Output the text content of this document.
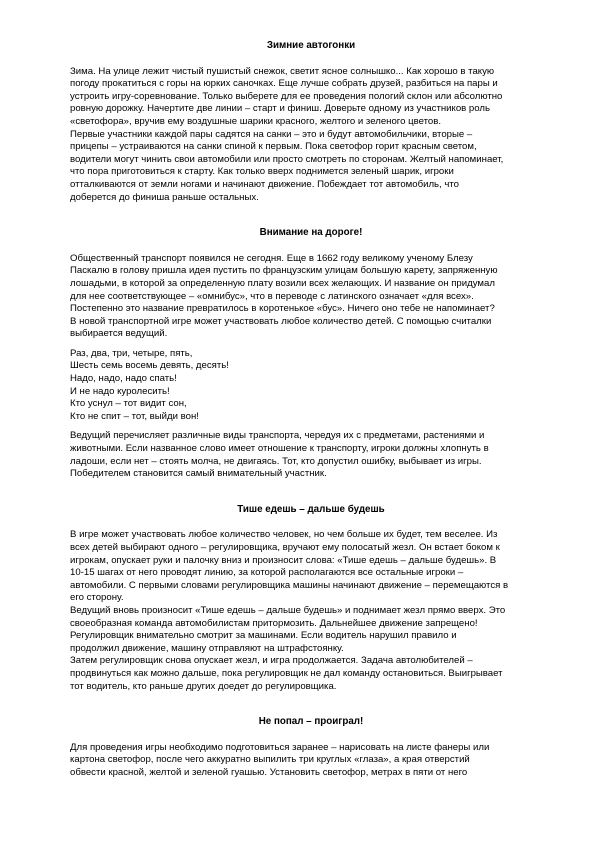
Зимние автогонки

Зима. На улице лежит чистый пушистый снежок, светит ясное солнышко... Как хорошо в такую
погоду прокатиться с горы на юрких саночках. Еще лучше собрать друзей, разбиться на пары и
устроить игру-соревнование. Только выберете для ее проведения пологий склон или абсолютно
ровную дорожку. Начертите две линии – старт и финиш. Доверьте одному из участников роль
«светофора», вручив ему воздушные шарики красного, желтого и зеленого цветов.
Первые участники каждой пары садятся на санки – это и будут автомобильчики, вторые –
прицепы – устраиваются на санки спиной к первым. Пока светофор горит красным светом,
водители могут чинить свои автомобили или просто смотреть по сторонам. Желтый напоминает,
что пора приготовиться к старту. Как только вверх поднимется зеленый шарик, игроки
отталкиваются от земли ногами и начинают движение. Побеждает тот автомобиль, что
доберется до финиша раньше остальных.

Внимание на дороге!

Общественный транспорт появился не сегодня. Еще в 1662 году великому ученому Блезу
Паскалю в голову пришла идея пустить по французским улицам большую карету, запряженную
лошадьми, в которой за определенную плату возили всех желающих. И название он придумал
для нее соответствующее – «омнибус», что в переводе с латинского означает «для всех».
Постепенно это название превратилось в коротенькое «бус». Ничего оно тебе не напоминает?
В новой транспортной игре может участвовать любое количество детей. С помощью считалки
выбирается ведущий.

Раз, два, три, четыре, пять,
Шесть семь восемь девять, десять!
Надо, надо, надо спать!
И не надо куролесить!
Кто уснул – тот видит сон,
Кто не спит – тот, выйди вон!

Ведущий перечисляет различные виды транспорта, чередуя их с предметами, растениями и
животными. Если названное слово имеет отношение к транспорту, игроки должны хлопнуть в
ладоши, если нет – стоять молча, не двигаясь. Тот, кто допустил ошибку, выбывает из игры.
Победителем становится самый внимательный участник.

Тише едешь – дальше будешь

В игре может участвовать любое количество человек, но чем больше их будет, тем веселее. Из
всех детей выбирают одного – регулировщика, вручают ему полосатый жезл. Он встает боком к
игрокам, опускает руки и палочку вниз и произносит слова: «Тише едешь – дальше будешь». В
10-15 шагах от него проводят линию, за которой располагаются все остальные игроки –
автомобили. С первыми словами регулировщика машины начинают движение – перемещаются в
его сторону.
Ведущий вновь произносит «Тише едешь – дальше будешь» и поднимает жезл прямо вверх. Это
своеобразная команда автомобилистам притормозить. Дальнейшее движение запрещено!
Регулировщик внимательно смотрит за машинами. Если водитель нарушил правило и
продолжил движение, машину отправляют на штрафстоянку.
Затем регулировщик снова опускает жезл, и игра продолжается. Задача автолюбителей –
продвинуться как можно дальше, пока регулировщик не дал команду остановиться. Выигрывает
тот водитель, кто раньше других доедет до регулировщика.

Не попал – проиграл!

Для проведения игры необходимо подготовиться заранее – нарисовать на листе фанеры или
картона светофор, после чего аккуратно выпилить три круглых «глаза», а края отверстий
обвести красной, желтой и зеленой гуашью. Установить светофор, метрах в пяти от него
